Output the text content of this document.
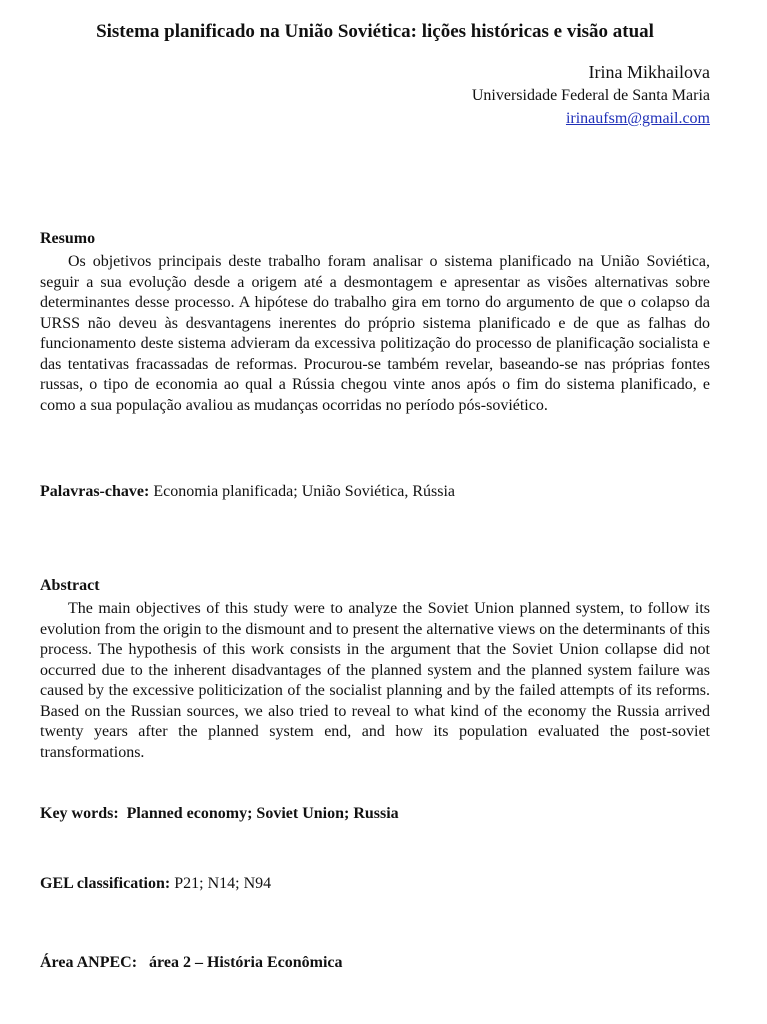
Sistema planificado na União Soviética: lições históricas e visão atual
Irina Mikhailova
Universidade Federal de Santa Maria
irinaufsm@gmail.com
Resumo

Os objetivos principais deste trabalho foram analisar o sistema planificado na União Soviética, seguir a sua evolução desde a origem até a desmontagem e apresentar as visões alternativas sobre determinantes desse processo. A hipótese do trabalho gira em torno do argumento de que o colapso da URSS não deveu às desvantagens inerentes do próprio sistema planificado e de que as falhas do funcionamento deste sistema advieram da excessiva politização do processo de planificação socialista e das tentativas fracassadas de reformas. Procurou-se também revelar, baseando-se nas próprias fontes russas, o tipo de economia ao qual a Rússia chegou vinte anos após o fim do sistema planificado, e como a sua população avaliou as mudanças ocorridas no período pós-soviético.

Palavras-chave: Economia planificada; União Soviética, Rússia
Abstract

The main objectives of this study were to analyze the Soviet Union planned system, to follow its evolution from the origin to the dismount and to present the alternative views on the determinants of this process. The hypothesis of this work consists in the argument that the Soviet Union collapse did not occurred due to the inherent disadvantages of the planned system and the planned system failure was caused by the excessive politicization of the socialist planning and by the failed attempts of its reforms. Based on the Russian sources, we also tried to reveal to what kind of the economy the Russia arrived twenty years after the planned system end, and how its population evaluated the post-soviet transformations.

Key words:  Planned economy; Soviet Union; Russia
GEL classification: P21; N14; N94
Área ANPEC:   área 2 – História Econômica
